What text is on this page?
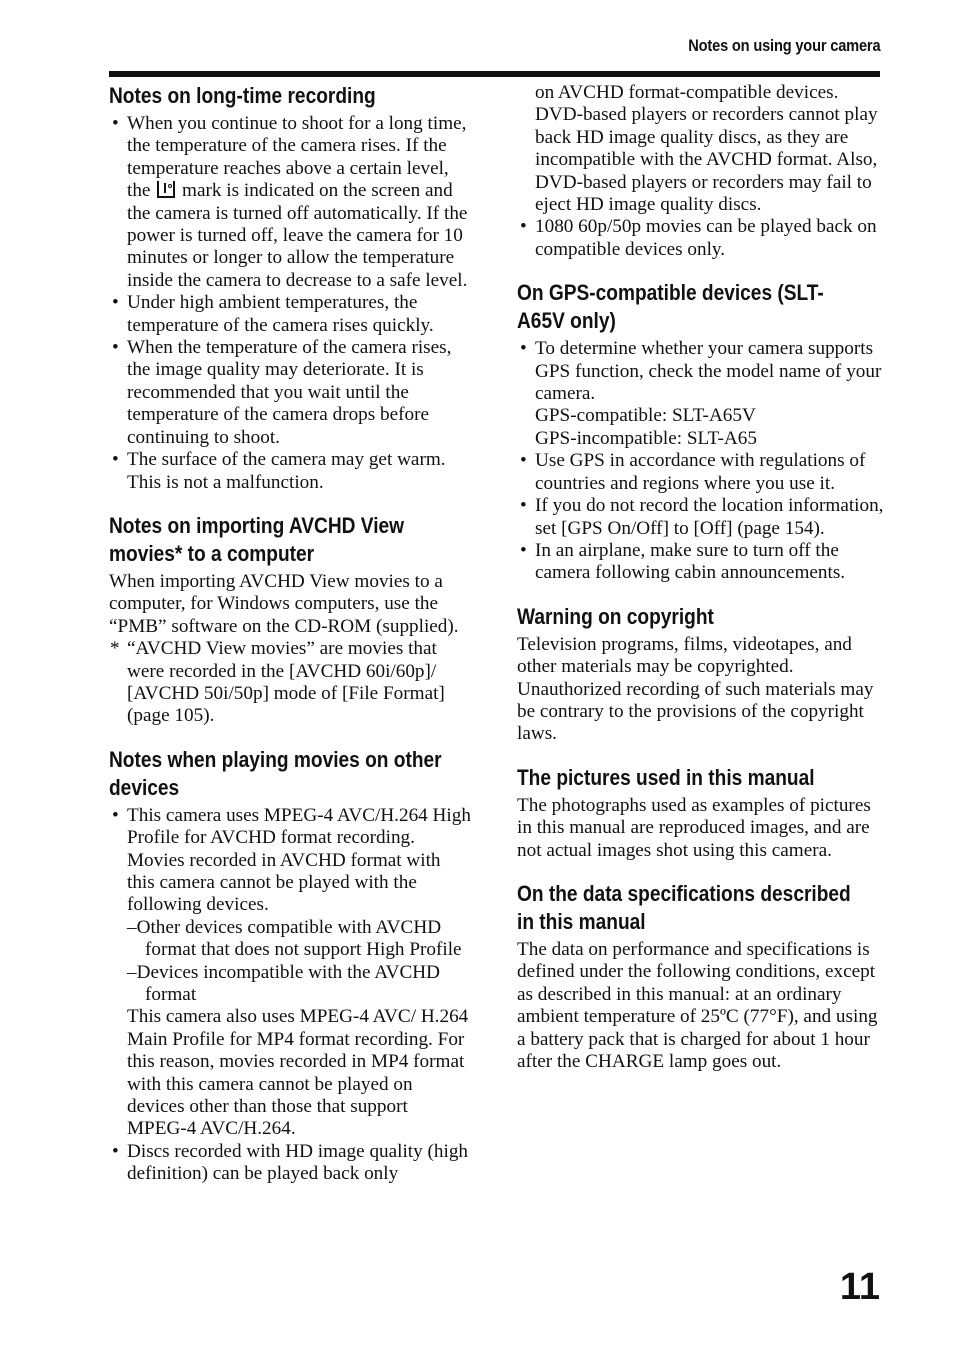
Notes on using your camera
Notes on long-time recording
• When you continue to shoot for a long time, the temperature of the camera rises. If the temperature reaches above a certain level, the mark is indicated on the screen and the camera is turned off automatically. If the power is turned off, leave the camera for 10 minutes or longer to allow the temperature inside the camera to decrease to a safe level.
• Under high ambient temperatures, the temperature of the camera rises quickly.
• When the temperature of the camera rises, the image quality may deteriorate. It is recommended that you wait until the temperature of the camera drops before continuing to shoot.
• The surface of the camera may get warm. This is not a malfunction.
Notes on importing AVCHD View
movies* to a computer

When importing AVCHD View movies to a computer, for Windows computers, use the “PMB” software on the CD-ROM (supplied).

* “AVCHD View movies” are movies that were recorded in the [AVCHD 60i/60p]/ [AVCHD 50i/50p] mode of [File Format] (page 105).
Notes when playing movies on other
devices
• This camera uses MPEG-4 AVC/H.264 High Profile for AVCHD format recording. Movies recorded in AVCHD format with this camera cannot be played with the following devices.
–Other devices compatible with AVCHD format that does not support High Profile
–Devices incompatible with the AVCHD format
This camera also uses MPEG-4 AVC/ H.264 Main Profile for MP4 format recording. For this reason, movies recorded in MP4 format with this camera cannot be played on devices other than those that support MPEG-4 AVC/H.264.
• Discs recorded with HD image quality (high definition) can be played back only
on AVCHD format-compatible devices. DVD-based players or recorders cannot play back HD image quality discs, as they are incompatible with the AVCHD format. Also, DVD-based players or recorders may fail to eject HD image quality discs.
• 1080 60p/50p movies can be played back on compatible devices only.
On GPS-compatible devices (SLT-
A65V only)
• To determine whether your camera supports GPS function, check the model name of your camera.
GPS-compatible: SLT-A65V
GPS-incompatible: SLT-A65
• Use GPS in accordance with regulations of countries and regions where you use it.
• If you do not record the location information, set [GPS On/Off] to [Off] (page 154).
• In an airplane, make sure to turn off the camera following cabin announcements.
Warning on copyright

Television programs, films, videotapes, and other materials may be copyrighted. Unauthorized recording of such materials may be contrary to the provisions of the copyright laws.

The pictures used in this manual

The photographs used as examples of pictures in this manual are reproduced images, and are not actual images shot using this camera.

On the data specifications described
in this manual

The data on performance and specifications is defined under the following conditions, except as described in this manual: at an ordinary ambient temperature of 25ºC (77°F), and using a battery pack that is charged for about 1 hour after the CHARGE lamp goes out.

11
